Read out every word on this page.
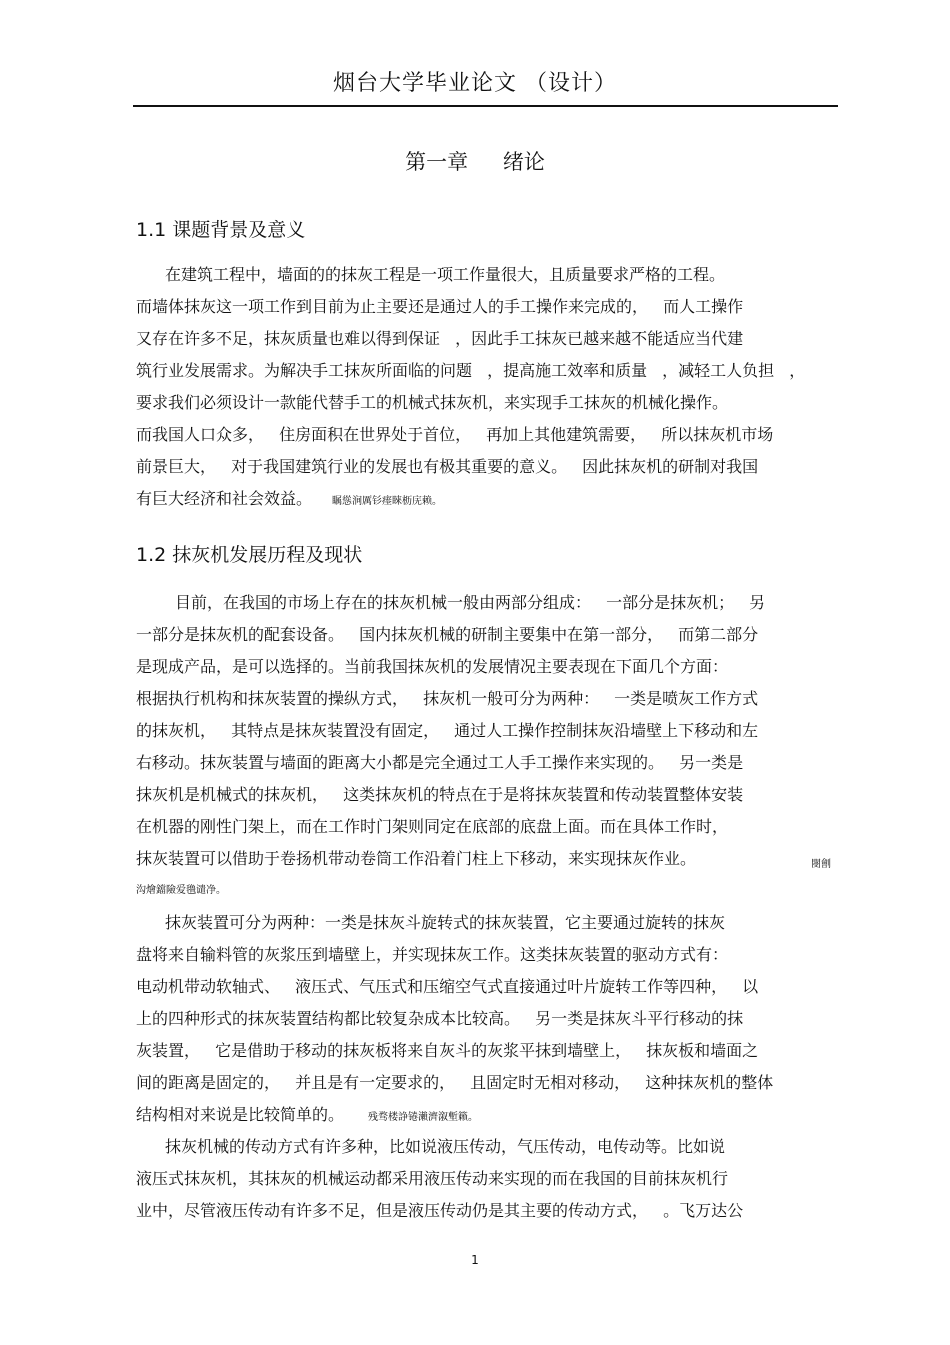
烟台大学毕业论文 （设计）
第一章 绪论
1.1 课题背景及意义
在建筑工程中，墙面的的抹灰工程是一项工作量很大，且质量要求严格的工程。
而墙体抹灰这一项工作到目前为止主要还是通过人的手工操作来完成的， 而人工操作
又存在许多不足，抹灰质量也难以得到保证 ，因此手工抹灰已越来越不能适应当代建
筑行业发展需求。为解决手工抹灰所面临的问题 ，提高施工效率和质量 ，减轻工人负担 ，
要求我们必须设计一款能代替手工的机械式抹灰机，来实现手工抹灰的机械化操作。
而我国人口众多， 住房面积在世界处于首位， 再加上其他建筑需要， 所以抹灰机市场
前景巨大， 对于我国建筑行业的发展也有极其重要的意义。 因此抹灰机的研制对我国
有巨大经济和社会效益。 瞩慫涧厲钐瘗睞枥庑赖。
1.2 抹灰机发展历程及现状
目前，在我国的市场上存在的抹灰机械一般由两部分组成： 一部分是抹灰机； 另
一部分是抹灰机的配套设备。 国内抹灰机械的研制主要集中在第一部分， 而第二部分
是现成产品，是可以选择的。当前我国抹灰机的发展情况主要表现在下面几个方面：
根据执行机构和抹灰装置的操纵方式， 抹灰机一般可分为两种： 一类是喷灰工作方式
的抹灰机， 其特点是抹灰装置没有固定， 通过人工操作控制抹灰沿墙壁上下移动和左
右移动。抹灰装置与墙面的距离大小都是完全通过工人手工操作来实现的。 另一类是
抹灰机是机械式的抹灰机， 这类抹灰机的特点在于是将抹灰装置和传动装置整体安装
在机器的刚性门架上，而在工作时门架则同定在底部的底盘上面。而在具体工作时，
抹灰装置可以借助于卷扬机带动卷筒工作沿着门柱上下移动，来实现抹灰作业。	閿劊
沟燴鐺險爱氇谴净。
抹灰装置可分为两种：一类是抹灰斗旋转式的抹灰装置，它主要通过旋转的抹灰
盘将来自输料管的灰浆压到墙壁上，并实现抹灰工作。这类抹灰装置的驱动方式有：
电动机带动软轴式、 液压式、气压式和压缩空气式直接通过叶片旋转工作等四种， 以
上的四种形式的抹灰装置结构都比较复杂成本比较高。 另一类是抹灰斗平行移动的抹
灰装置， 它是借助于移动的抹灰板将来自灰斗的灰浆平抹到墙壁上， 抹灰板和墙面之
间的距离是固定的， 并且是有一定要求的， 且固定时无相对移动， 这种抹灰机的整体
结构相对来说是比较简单的。 残骛楼諍锩瀨濟溆塹籟。
抹灰机械的传动方式有许多种，比如说液压传动，气压传动，电传动等。比如说
液压式抹灰机，其抹灰的机械运动都采用液压传动来实现的而在我国的目前抹灰机行
业中，尽管液压传动有许多不足，但是液压传动仍是其主要的传动方式， 。飞万达公
1
